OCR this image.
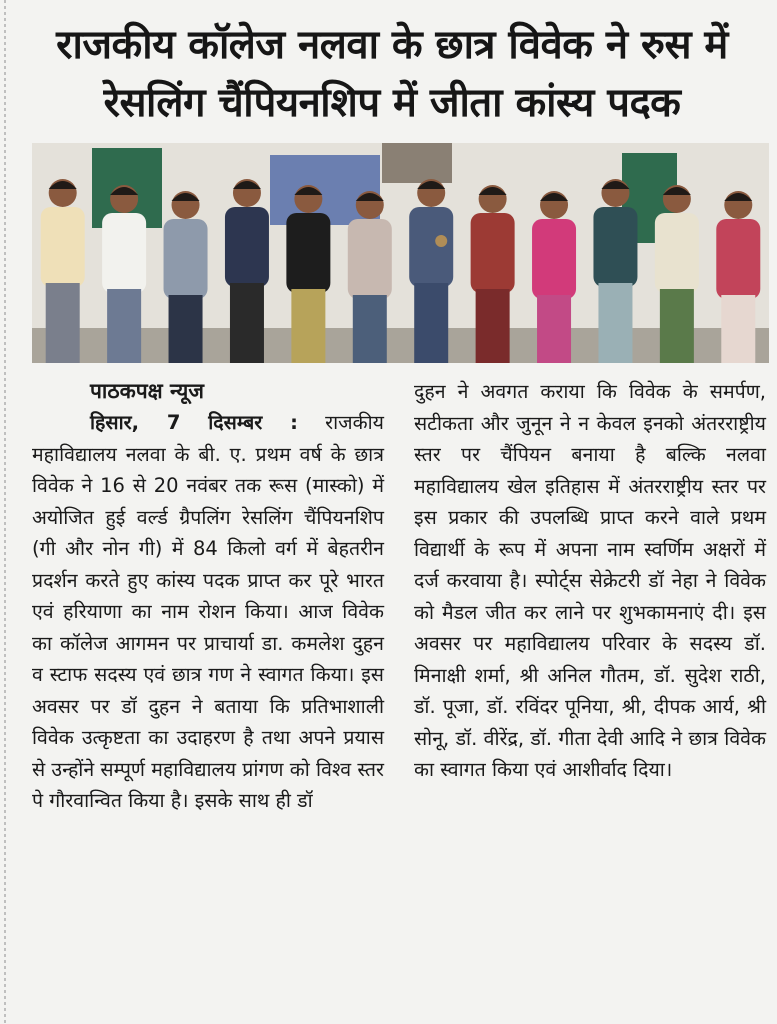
राजकीय कॉलेज नलवा के छात्र विवेक ने रुस में रेसलिंग चैंपियनशिप में जीता कांस्य पदक
पाठकपक्ष न्यूज

हिसार, 7 दिसम्बर : राजकीय महाविद्यालय नलवा के बी. ए. प्रथम वर्ष के छात्र विवेक ने 16 से 20 नवंबर तक रूस (मास्को) में अयोजित हुई वर्ल्ड ग्रैपलिंग रेसलिंग चैंपियनशिप (गी और नोन गी) में 84 किलो वर्ग में बेहतरीन प्रदर्शन करते हुए कांस्य पदक प्राप्त कर पूरे भारत एवं हरियाणा का नाम रोशन किया। आज विवेक का कॉलेज आगमन पर प्राचार्या डा. कमलेश दुहन व स्टाफ सदस्य एवं छात्र गण ने स्वागत किया। इस अवसर पर डॉ दुहन ने बताया कि प्रतिभाशाली विवेक उत्कृष्टता का उदाहरण है तथा अपने प्रयास से उन्होंने सम्पूर्ण महाविद्यालय प्रांगण को विश्व स्तर पे गौरवान्वित किया है। इसके साथ ही डॉ

दुहन ने अवगत कराया कि विवेक के समर्पण, सटीकता और जुनून ने न केवल इनको अंतरराष्ट्रीय स्तर पर चैंपियन बनाया है बल्कि नलवा महाविद्यालय खेल इतिहास में अंतरराष्ट्रीय स्तर पर इस प्रकार की उपलब्धि प्राप्त करने वाले प्रथम विद्यार्थी के रूप में अपना नाम स्वर्णिम अक्षरों में दर्ज करवाया है। स्पोर्ट्स सेक्रेटरी डॉ नेहा ने विवेक को मैडल जीत कर लाने पर शुभकामनाएं दी। इस अवसर पर महाविद्यालय परिवार के सदस्य डॉ. मिनाक्षी शर्मा, श्री अनिल गौतम, डॉ. सुदेश राठी, डॉ. पूजा, डॉ. रविंदर पूनिया, श्री, दीपक आर्य, श्री सोनू, डॉ. वीरेंद्र, डॉ. गीता देवी आदि ने छात्र विवेक का स्वागत किया एवं आशीर्वाद दिया।
